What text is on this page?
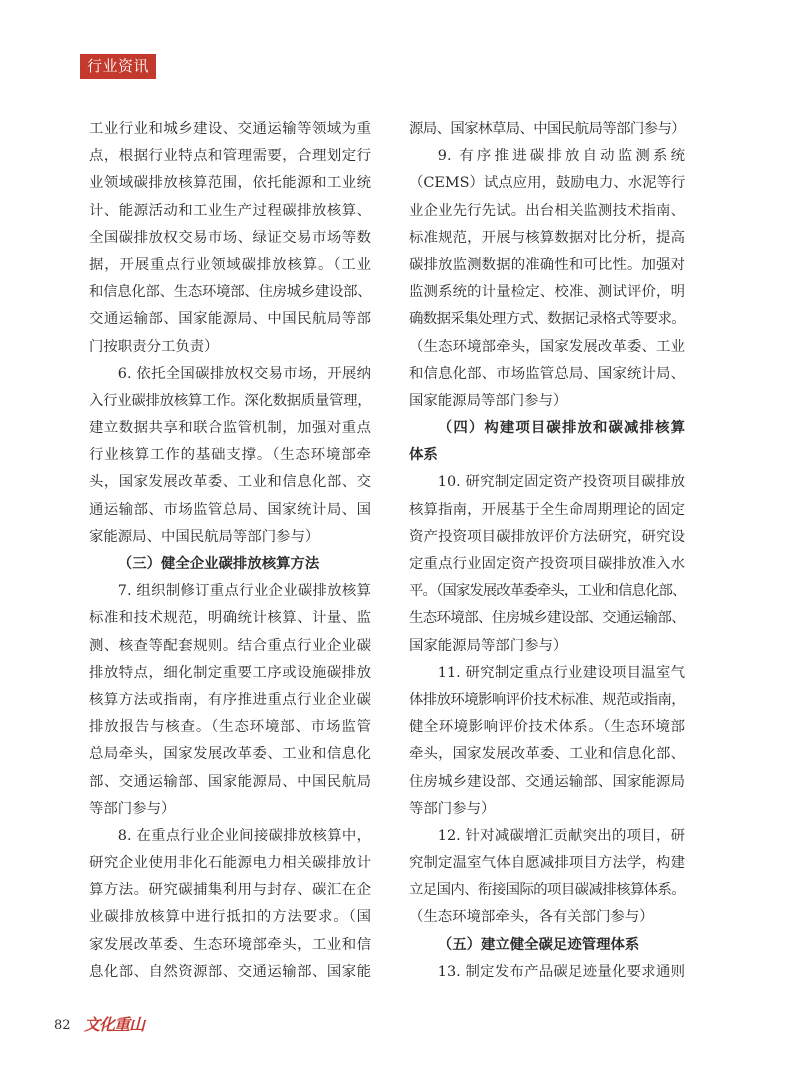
行业资讯
工业行业和城乡建设、交通运输等领域为重
点，根据行业特点和管理需要，合理划定行
业领域碳排放核算范围，依托能源和工业统
计、能源活动和工业生产过程碳排放核算、
全国碳排放权交易市场、绿证交易市场等数
据，开展重点行业领域碳排放核算。（工业
和信息化部、生态环境部、住房城乡建设部、
交通运输部、国家能源局、中国民航局等部
门按职责分工负责）
6. 依托全国碳排放权交易市场，开展纳
入行业碳排放核算工作。深化数据质量管理，
建立数据共享和联合监管机制，加强对重点
行业核算工作的基础支撑。（生态环境部牵
头，国家发展改革委、工业和信息化部、交
通运输部、市场监管总局、国家统计局、国
家能源局、中国民航局等部门参与）
（三）健全企业碳排放核算方法
7. 组织制修订重点行业企业碳排放核算
标准和技术规范，明确统计核算、计量、监
测、核查等配套规则。结合重点行业企业碳
排放特点，细化制定重要工序或设施碳排放
核算方法或指南，有序推进重点行业企业碳
排放报告与核查。（生态环境部、市场监管
总局牵头，国家发展改革委、工业和信息化
部、交通运输部、国家能源局、中国民航局
等部门参与）
8. 在重点行业企业间接碳排放核算中，
研究企业使用非化石能源电力相关碳排放计
算方法。研究碳捕集利用与封存、碳汇在企
业碳排放核算中进行抵扣的方法要求。（国
家发展改革委、生态环境部牵头，工业和信
息化部、自然资源部、交通运输部、国家能
源局、国家林草局、中国民航局等部门参与）
9. 有序推进碳排放自动监测系统
（CEMS）试点应用，鼓励电力、水泥等行
业企业先行先试。出台相关监测技术指南、
标准规范，开展与核算数据对比分析，提高
碳排放监测数据的准确性和可比性。加强对
监测系统的计量检定、校准、测试评价，明
确数据采集处理方式、数据记录格式等要求。
（生态环境部牵头，国家发展改革委、工业
和信息化部、市场监管总局、国家统计局、
国家能源局等部门参与）
（四）构建项目碳排放和碳减排核算
体系
10. 研究制定固定资产投资项目碳排放
核算指南，开展基于全生命周期理论的固定
资产投资项目碳排放评价方法研究，研究设
定重点行业固定资产投资项目碳排放准入水
平。（国家发展改革委牵头，工业和信息化部、
生态环境部、住房城乡建设部、交通运输部、
国家能源局等部门参与）
11. 研究制定重点行业建设项目温室气
体排放环境影响评价技术标准、规范或指南，
健全环境影响评价技术体系。（生态环境部
牵头，国家发展改革委、工业和信息化部、
住房城乡建设部、交通运输部、国家能源局
等部门参与）
12. 针对减碳增汇贡献突出的项目，研
究制定温室气体自愿减排项目方法学，构建
立足国内、衔接国际的项目碳减排核算体系。
（生态环境部牵头，各有关部门参与）
（五）建立健全碳足迹管理体系
13. 制定发布产品碳足迹量化要求通则
82 文化重山
